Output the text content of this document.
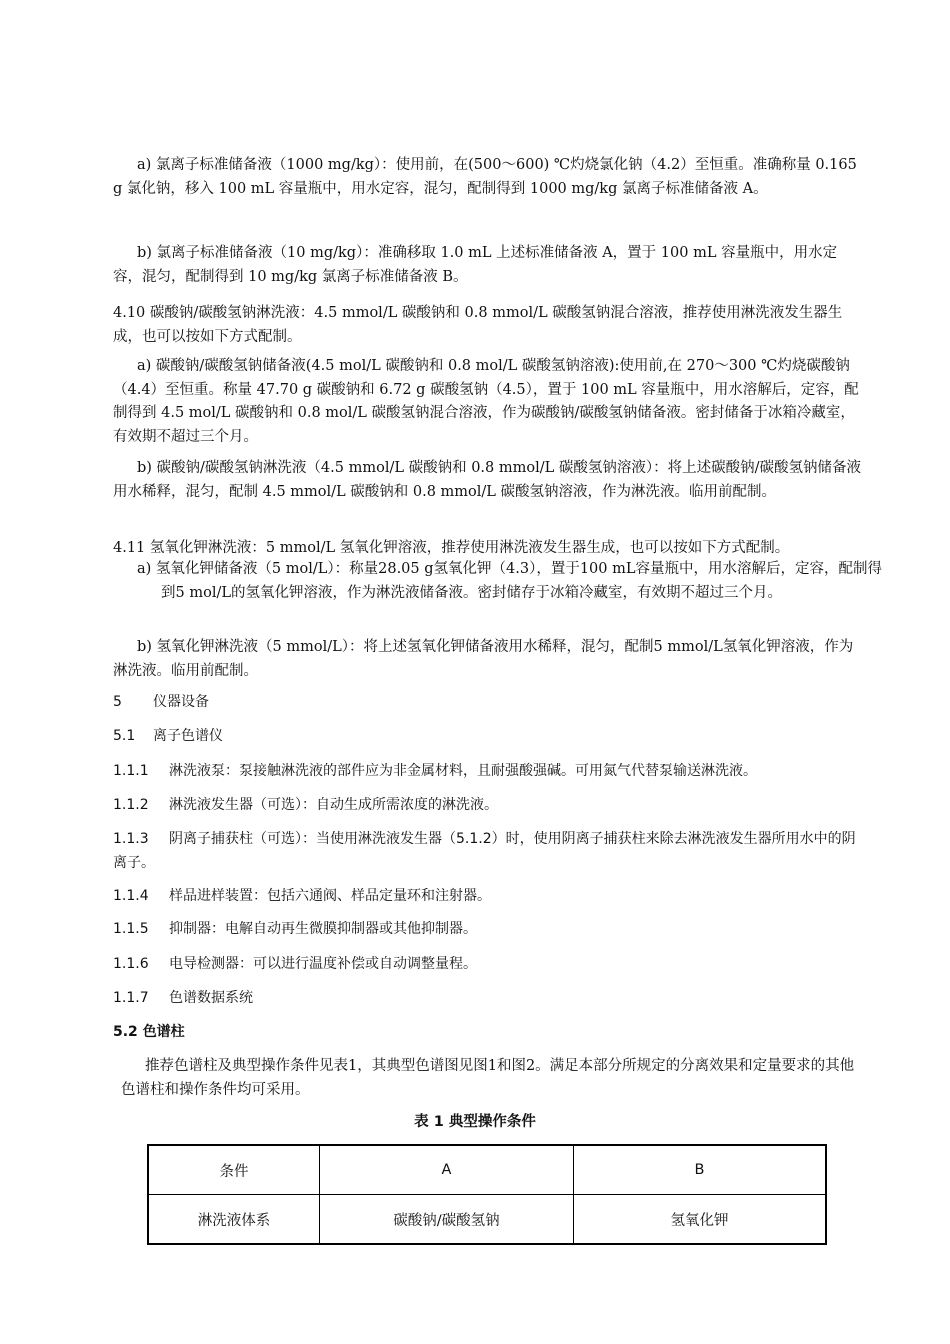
a) 氯离子标准储备液（1000 mg/kg）：使用前，在(500～600) ℃灼烧氯化钠（4.2）至恒重。准确称量 0.165 g 氯化钠，移入 100 mL 容量瓶中，用水定容，混匀，配制得到 1000 mg/kg 氯离子标准储备液 A。

b) 氯离子标准储备液（10 mg/kg）：准确移取 1.0 mL 上述标准储备液 A，置于 100 mL 容量瓶中，用水定容，混匀，配制得到 10 mg/kg 氯离子标准储备液 B。

4.10 碳酸钠/碳酸氢钠淋洗液：4.5 mmol/L 碳酸钠和 0.8 mmol/L 碳酸氢钠混合溶液，推荐使用淋洗液发生器生成，也可以按如下方式配制。

a) 碳酸钠/碳酸氢钠储备液(4.5 mol/L 碳酸钠和 0.8 mol/L 碳酸氢钠溶液):使用前,在 270～300 ℃灼烧碳酸钠（4.4）至恒重。称量 47.70 g 碳酸钠和 6.72 g 碳酸氢钠（4.5），置于 100 mL 容量瓶中，用水溶解后，定容，配制得到 4.5 mol/L 碳酸钠和 0.8 mol/L 碳酸氢钠混合溶液，作为碳酸钠/碳酸氢钠储备液。密封储备于冰箱冷藏室，有效期不超过三个月。

b) 碳酸钠/碳酸氢钠淋洗液（4.5 mmol/L 碳酸钠和 0.8 mmol/L 碳酸氢钠溶液）：将上述碳酸钠/碳酸氢钠储备液用水稀释，混匀，配制 4.5 mmol/L 碳酸钠和 0.8 mmol/L 碳酸氢钠溶液，作为淋洗液。临用前配制。

4.11 氢氧化钾淋洗液：5 mmol/L 氢氧化钾溶液，推荐使用淋洗液发生器生成，也可以按如下方式配制。

a) 氢氧化钾储备液（5 mol/L）：称量28.05 g氢氧化钾（4.3），置于100 mL容量瓶中，用水溶解后，定容，配制得到5 mol/L的氢氧化钾溶液，作为淋洗液储备液。密封储存于冰箱冷藏室，有效期不超过三个月。

b) 氢氧化钾淋洗液（5 mmol/L）：将上述氢氧化钾储备液用水稀释，混匀，配制5 mmol/L氢氧化钾溶液，作为淋洗液。临用前配制。

5 仪器设备

5.1 离子色谱仪

1.1.1 淋洗液泵：泵接触淋洗液的部件应为非金属材料，且耐强酸强碱。可用氮气代替泵输送淋洗液。

1.1.2 淋洗液发生器（可选）：自动生成所需浓度的淋洗液。

1.1.3 阴离子捕获柱（可选）：当使用淋洗液发生器（5.1.2）时，使用阴离子捕获柱来除去淋洗液发生器所用水中的阴离子。

1.1.4 样品进样装置：包括六通阀、样品定量环和注射器。

1.1.5 抑制器：电解自动再生微膜抑制器或其他抑制器。

1.1.6 电导检测器：可以进行温度补偿或自动调整量程。

1.1.7 色谱数据系统

5.2 色谱柱

推荐色谱柱及典型操作条件见表1，其典型色谱图见图1和图2。满足本部分所规定的分离效果和定量要求的其他色谱柱和操作条件均可采用。

表 1 典型操作条件
条件	A	B
淋洗液体系	碳酸钠/碳酸氢钠	氢氧化钾
